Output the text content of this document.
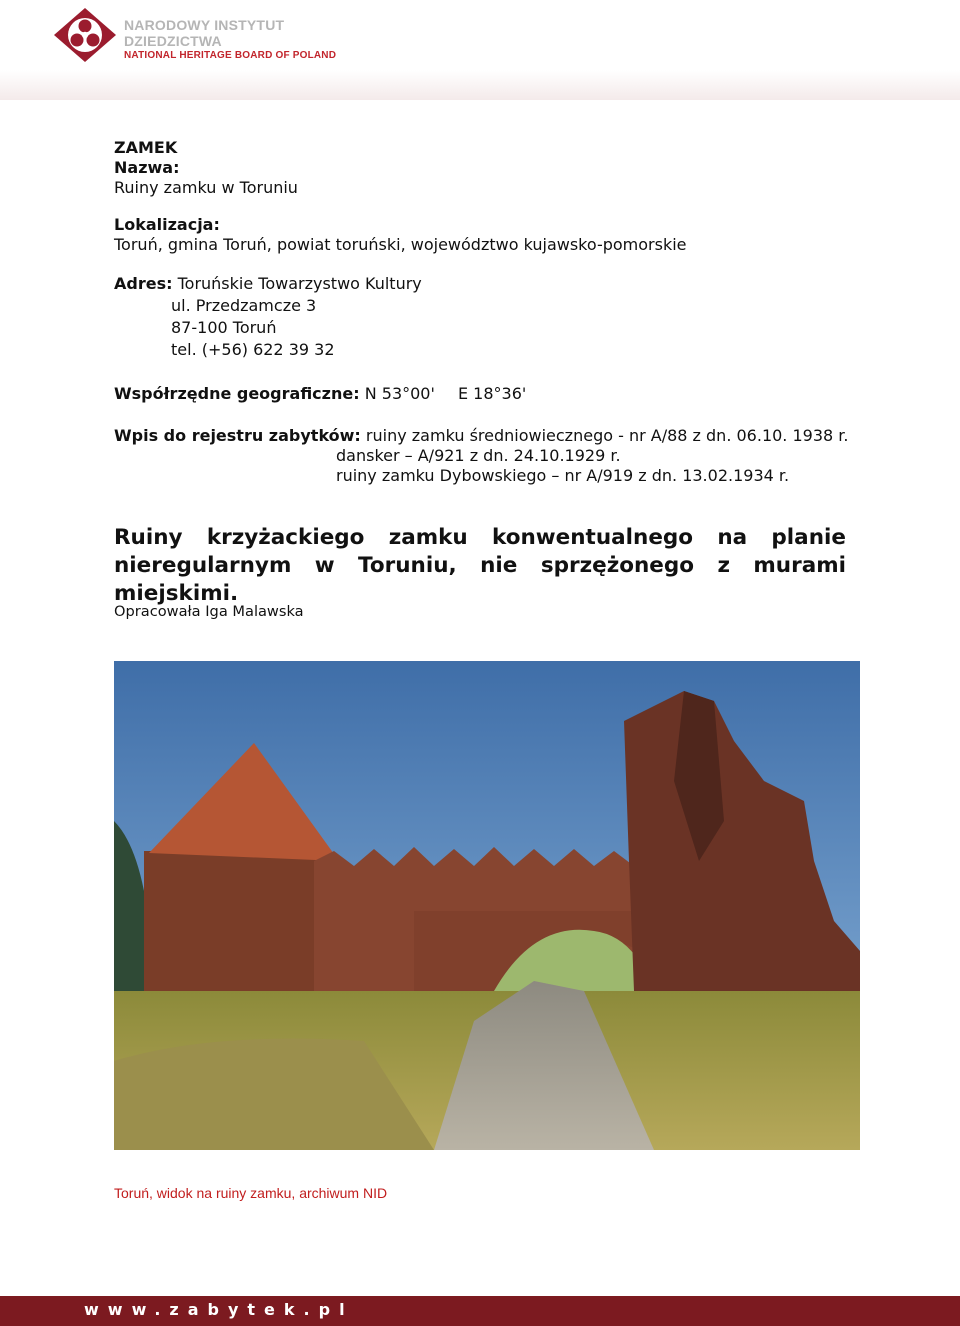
NARODOWY INSTYTUT
DZIEDZICTWA
NATIONAL HERITAGE BOARD OF POLAND
ZAMEK
Nazwa:
Ruiny zamku w Toruniu
Lokalizacja:
Toruń, gmina Toruń, powiat toruński, województwo kujawsko-pomorskie
Adres: Toruńskie Towarzystwo Kultury
ul. Przedzamcze 3
87-100 Toruń
tel. (+56) 622 39 32
Współrzędne geograficzne: N 53°00' E 18°36'
Wpis do rejestru zabytków: ruiny zamku średniowiecznego - nr A/88 z dn. 06.10. 1938 r.
dansker – A/921 z dn. 24.10.1929 r.
ruiny zamku Dybowskiego – nr A/919 z dn. 13.02.1934 r.
Ruiny krzyżackiego zamku konwentualnego na planie
nieregularnym w Toruniu, nie sprzężonego z murami miejskimi.
Opracowała Iga Malawska
Toruń, widok na ruiny zamku, archiwum NID
www.zabytek.pl
